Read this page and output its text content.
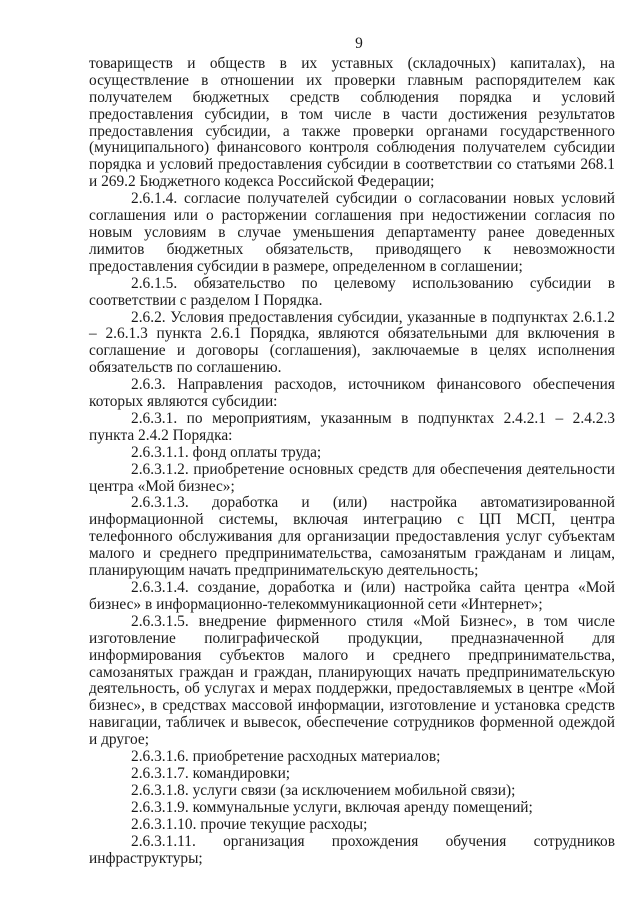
9

товариществ и обществ в их уставных (складочных) капиталах), на осуществление в отношении их проверки главным распорядителем как получателем бюджетных средств соблюдения порядка и условий предоставления субсидии, в том числе в части достижения результатов предоставления субсидии, а также проверки органами государственного (муниципального) финансового контроля соблюдения получателем субсидии порядка и условий предоставления субсидии в соответствии со статьями 268.1 и 269.2 Бюджетного кодекса Российской Федерации;

2.6.1.4. согласие получателей субсидии о согласовании новых условий соглашения или о расторжении соглашения при недостижении согласия по новым условиям в случае уменьшения департаменту ранее доведенных лимитов бюджетных обязательств, приводящего к невозможности предоставления субсидии в размере, определенном в соглашении;

2.6.1.5. обязательство по целевому использованию субсидии в соответствии с разделом I Порядка.

2.6.2. Условия предоставления субсидии, указанные в подпунктах 2.6.1.2 – 2.6.1.3 пункта 2.6.1 Порядка, являются обязательными для включения в соглашение и договоры (соглашения), заключаемые в целях исполнения обязательств по соглашению.

2.6.3. Направления расходов, источником финансового обеспечения которых являются субсидии:

2.6.3.1. по мероприятиям, указанным в подпунктах 2.4.2.1 – 2.4.2.3 пункта 2.4.2 Порядка:

2.6.3.1.1. фонд оплаты труда;

2.6.3.1.2. приобретение основных средств для обеспечения деятельности центра «Мой бизнес»;

2.6.3.1.3. доработка и (или) настройка автоматизированной информационной системы, включая интеграцию с ЦП МСП, центра телефонного обслуживания для организации предоставления услуг субъектам малого и среднего предпринимательства, самозанятым гражданам и лицам, планирующим начать предпринимательскую деятельность;

2.6.3.1.4. создание, доработка и (или) настройка сайта центра «Мой бизнес» в информационно-телекоммуникационной сети «Интернет»;

2.6.3.1.5. внедрение фирменного стиля «Мой Бизнес», в том числе изготовление полиграфической продукции, предназначенной для информирования субъектов малого и среднего предпринимательства, самозанятых граждан и граждан, планирующих начать предпринимательскую деятельность, об услугах и мерах поддержки, предоставляемых в центре «Мой бизнес», в средствах массовой информации, изготовление и установка средств навигации, табличек и вывесок, обеспечение сотрудников форменной одеждой и другое;

2.6.3.1.6. приобретение расходных материалов;

2.6.3.1.7. командировки;

2.6.3.1.8. услуги связи (за исключением мобильной связи);

2.6.3.1.9. коммунальные услуги, включая аренду помещений;

2.6.3.1.10. прочие текущие расходы;

2.6.3.1.11. организация прохождения обучения сотрудников инфраструктуры;
